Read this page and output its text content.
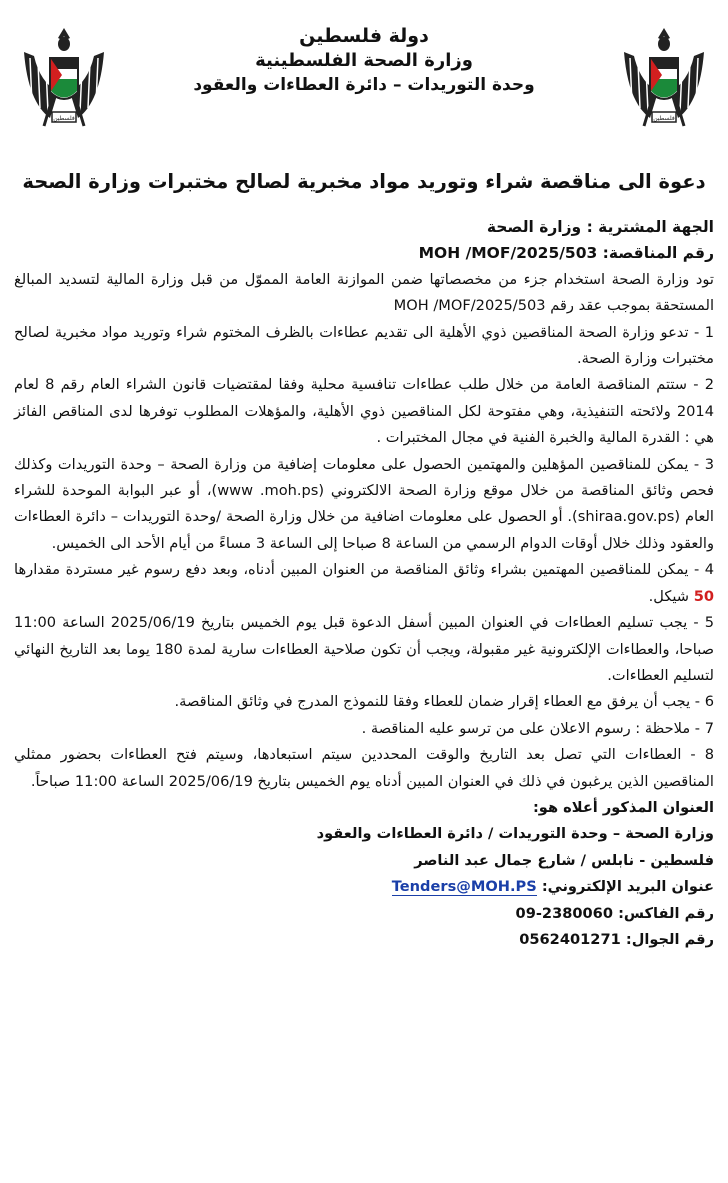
فلسطين	فلسطين
دولة فلسطين
وزارة الصحة الفلسطينية
وحدة التوريدات – دائرة العطاءات والعقود
دعوة الى مناقصة شراء وتوريد مواد مخبرية لصالح مختبرات وزارة الصحة

الجهة المشترية : وزارة الصحة

رقم المناقصة: MOH /MOF/2025/503

تود وزارة الصحة استخدام جزء من مخصصاتها ضمن الموازنة العامة المموّل من قبل وزارة المالية لتسديد المبالغ المستحقة بموجب عقد رقم MOH /MOF/2025/503

1 - تدعو وزارة الصحة المناقصين ذوي الأهلية الى تقديم عطاءات بالظرف المختوم شراء وتوريد مواد مخبرية لصالح مختبرات وزارة الصحة.

2 - ستتم المناقصة العامة من خلال طلب عطاءات تنافسية محلية وفقا لمقتضيات قانون الشراء العام رقم 8 لعام 2014 ولائحته التنفيذية، وهي مفتوحة لكل المناقصين ذوي الأهلية، والمؤهلات المطلوب توفرها لدى المناقص الفائز هي : القدرة المالية والخبرة الفنية في مجال المختبرات .

3 - يمكن للمناقصين المؤهلين والمهتمين الحصول على معلومات إضافية من وزارة الصحة – وحدة التوريدات وكذلك فحص وثائق المناقصة من خلال موقع وزارة الصحة الالكتروني (www .moh.ps)، أو عبر البوابة الموحدة للشراء العام (shiraa.gov.ps). أو الحصول على معلومات اضافية من خلال وزارة الصحة /وحدة التوريدات – دائرة العطاءات والعقود وذلك خلال أوقات الدوام الرسمي من الساعة 8 صباحا إلى الساعة 3 مساءً من أيام الأحد الى الخميس.

4 - يمكن للمناقصين المهتمين بشراء وثائق المناقصة من العنوان المبين أدناه، وبعد دفع رسوم غير مستردة مقدارها 50 شيكل.

5 - يجب تسليم العطاءات في العنوان المبين أسفل الدعوة قبل يوم الخميس بتاريخ 2025/06/19 الساعة 11:00 صباحا، والعطاءات الإلكترونية غير مقبولة، ويجب أن تكون صلاحية العطاءات سارية لمدة 180 يوما بعد التاريخ النهائي لتسليم العطاءات.

6 - يجب أن يرفق مع العطاء إقرار ضمان للعطاء وفقا للنموذج المدرج في وثائق المناقصة.

7 - ملاحظة : رسوم الاعلان على من ترسو عليه المناقصة .

8 - العطاءات التي تصل بعد التاريخ والوقت المحددين سيتم استبعادها، وسيتم فتح العطاءات بحضور ممثلي المناقصين الذين يرغبون في ذلك في العنوان المبين أدناه يوم الخميس بتاريخ 2025/06/19 الساعة 11:00 صباحاً.

العنوان المذكور أعلاه هو:

وزارة الصحة – وحدة التوريدات / دائرة العطاءات والعقود

فلسطين - نابلس / شارع جمال عبد الناصر

عنوان البريد الإلكتروني: Tenders@MOH.PS

رقم الفاكس: 09-2380060

رقم الجوال: 0562401271
